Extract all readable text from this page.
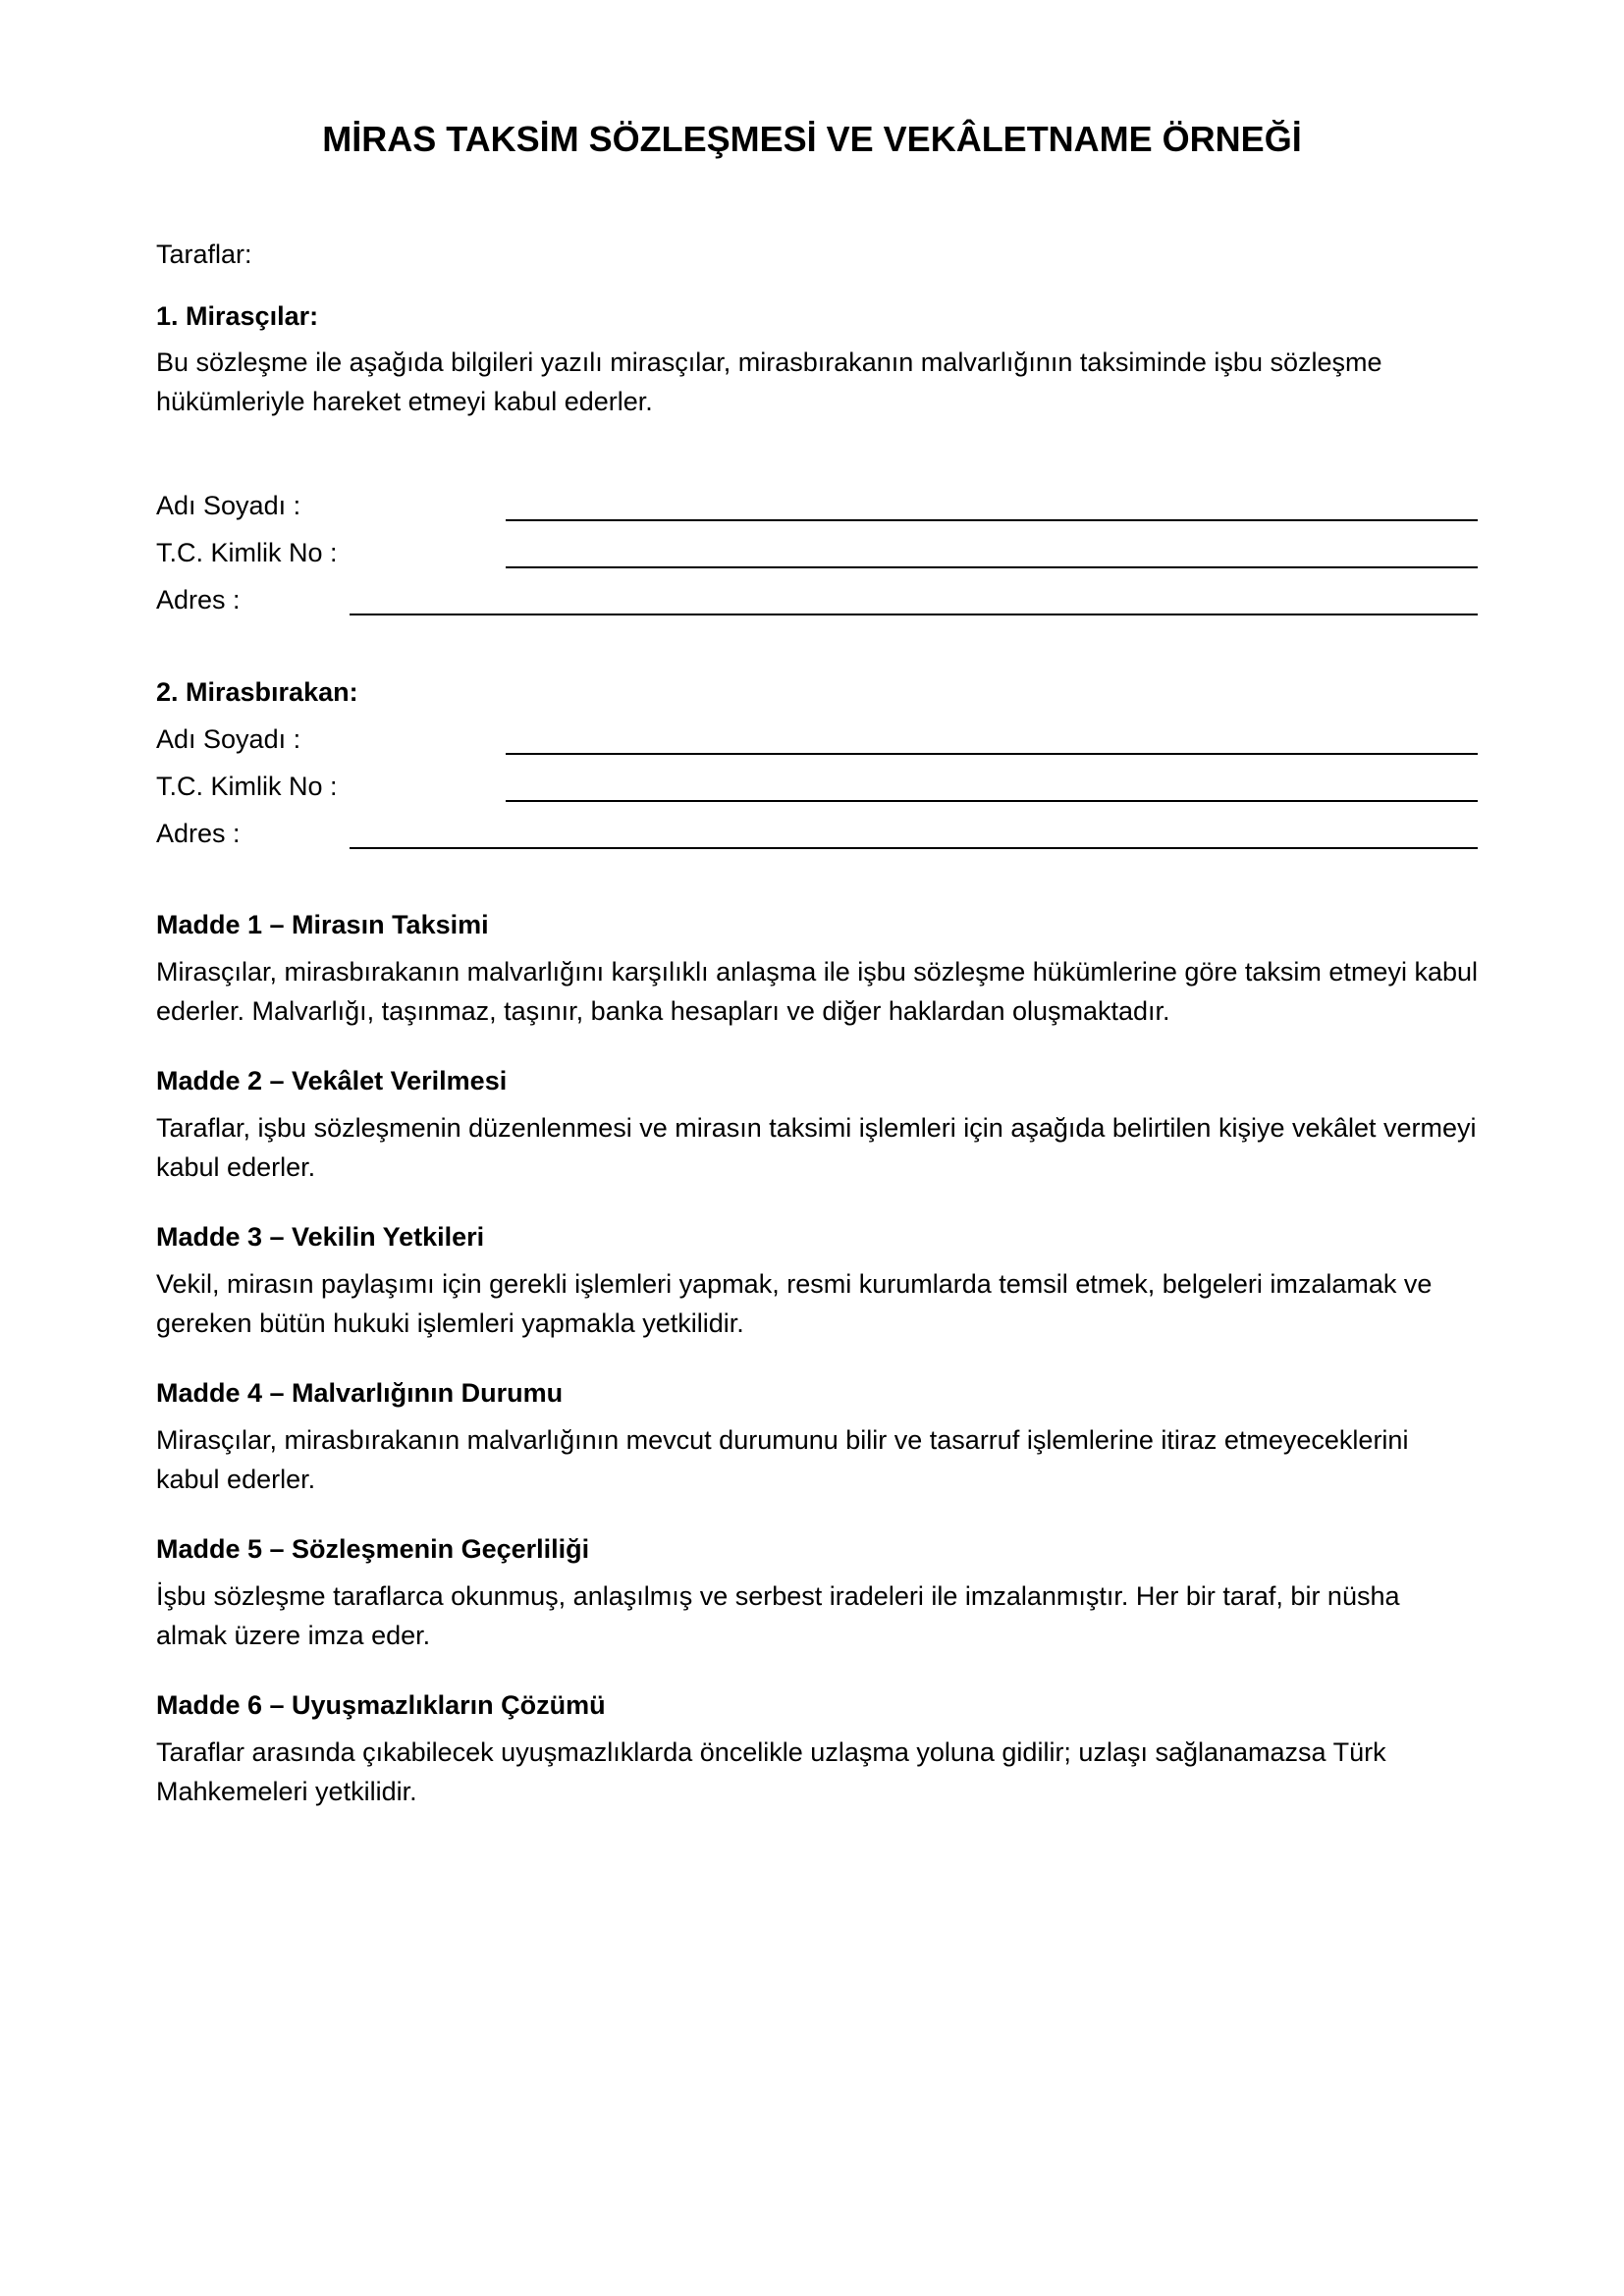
MİRAS TAKSİM SÖZLEŞMESİ VE VEKÂLETNAME ÖRNEĞİ

Taraflar:

1. Mirasçılar:

Bu sözleşme ile aşağıda bilgileri yazılı mirasçılar, mirasbırakanın malvarlığının taksiminde işbu sözleşme hükümleriyle hareket etmeyi kabul ederler.

Adı Soyadı :
T.C. Kimlik No :
Adres :

2. Mirasbırakan:

Adı Soyadı :
T.C. Kimlik No :
Adres :

Madde 1 – Mirasın Taksimi

Mirasçılar, mirasbırakanın malvarlığını karşılıklı anlaşma ile işbu sözleşme hükümlerine göre taksim etmeyi kabul ederler. Malvarlığı, taşınmaz, taşınır, banka hesapları ve diğer haklardan oluşmaktadır.

Madde 2 – Vekâlet Verilmesi

Taraflar, işbu sözleşmenin düzenlenmesi ve mirasın taksimi işlemleri için aşağıda belirtilen kişiye vekâlet vermeyi kabul ederler.

Madde 3 – Vekilin Yetkileri

Vekil, mirasın paylaşımı için gerekli işlemleri yapmak, resmi kurumlarda temsil etmek, belgeleri imzalamak ve gereken bütün hukuki işlemleri yapmakla yetkilidir.

Madde 4 – Malvarlığının Durumu

Mirasçılar, mirasbırakanın malvarlığının mevcut durumunu bilir ve tasarruf işlemlerine itiraz etmeyeceklerini kabul ederler.

Madde 5 – Sözleşmenin Geçerliliği

İşbu sözleşme taraflarca okunmuş, anlaşılmış ve serbest iradeleri ile imzalanmıştır. Her bir taraf, bir nüsha almak üzere imza eder.

Madde 6 – Uyuşmazlıkların Çözümü

Taraflar arasında çıkabilecek uyuşmazlıklarda öncelikle uzlaşma yoluna gidilir; uzlaşı sağlanamazsa Türk Mahkemeleri yetkilidir.
